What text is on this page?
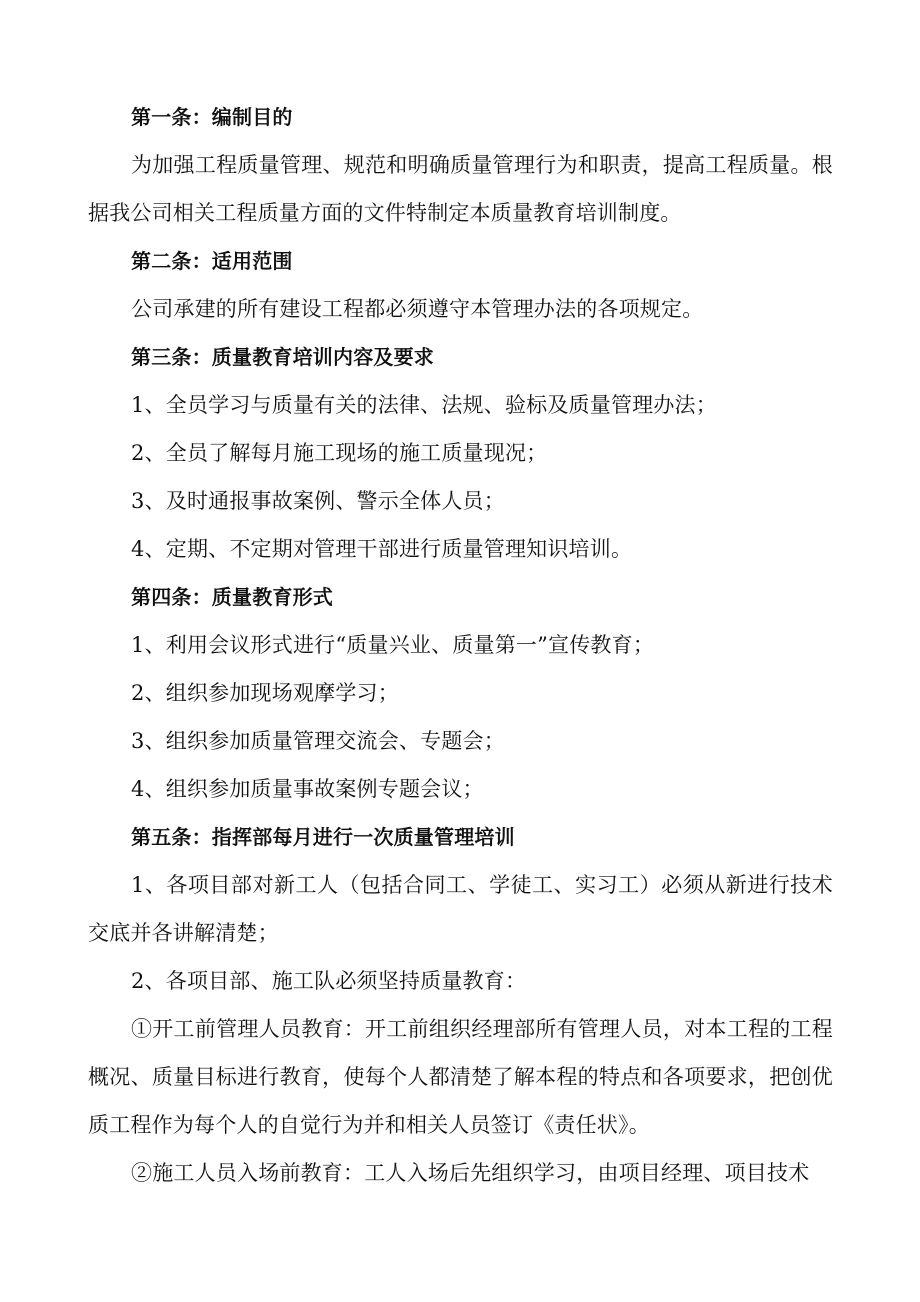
第一条：编制目的
为加强工程质量管理、规范和明确质量管理行为和职责，提高工程质量。根据我公司相关工程质量方面的文件特制定本质量教育培训制度。
第二条：适用范围
公司承建的所有建设工程都必须遵守本管理办法的各项规定。
第三条：质量教育培训内容及要求
1、全员学习与质量有关的法律、法规、验标及质量管理办法；
2、全员了解每月施工现场的施工质量现况；
3、及时通报事故案例、警示全体人员；
4、定期、不定期对管理干部进行质量管理知识培训。
第四条：质量教育形式
1、利用会议形式进行“质量兴业、质量第一”宣传教育；
2、组织参加现场观摩学习；
3、组织参加质量管理交流会、专题会；
4、组织参加质量事故案例专题会议；
第五条：指挥部每月进行一次质量管理培训
1、各项目部对新工人（包括合同工、学徒工、实习工）必须从新进行技术交底并各讲解清楚；
2、各项目部、施工队必须坚持质量教育：
①开工前管理人员教育：开工前组织经理部所有管理人员，对本工程的工程概况、质量目标进行教育，使每个人都清楚了解本程的特点和各项要求，把创优质工程作为每个人的自觉行为并和相关人员签订《责任状》。
②施工人员入场前教育：工人入场后先组织学习，由项目经理、项目技术
